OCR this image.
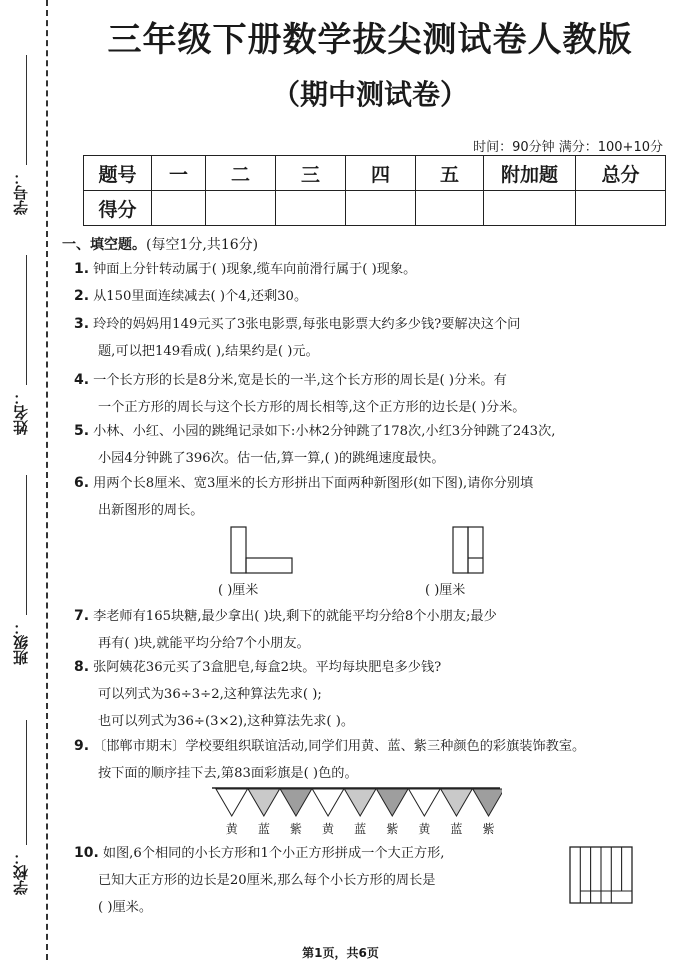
学号：
姓名：
班级：
学校：
三年级下册数学拔尖测试卷人教版
（期中测试卷）
时间：90分钟 满分：100+10分
题号	一	二	三	四	五	附加题	总分
得分							
一、填空题。(每空1分,共16分)
1. 钟面上分针转动属于( )现象,缆车向前滑行属于( )现象。
2. 从150里面连续减去( )个4,还剩30。
3. 玲玲的妈妈用149元买了3张电影票,每张电影票大约多少钱?要解决这个问
题,可以把149看成( ),结果约是( )元。
4. 一个长方形的长是8分米,宽是长的一半,这个长方形的周长是( )分米。有
一个正方形的周长与这个长方形的周长相等,这个正方形的边长是( )分米。
5. 小林、小红、小园的跳绳记录如下:小林2分钟跳了178次,小红3分钟跳了243次,
小园4分钟跳了396次。估一估,算一算,( )的跳绳速度最快。
6. 用两个长8厘米、宽3厘米的长方形拼出下面两种新图形(如下图),请你分别填
出新图形的周长。
( )厘米	( )厘米
7. 李老师有165块糖,最少拿出( )块,剩下的就能平均分给8个小朋友;最少
再有( )块,就能平均分给7个小朋友。
8. 张阿姨花36元买了3盒肥皂,每盒2块。平均每块肥皂多少钱?
可以列式为36÷3÷2,这种算法先求( );
也可以列式为36÷(3×2),这种算法先求( )。
9. 〔邯郸市期末〕学校要组织联谊活动,同学们用黄、蓝、紫三种颜色的彩旗装饰教室。
按下面的顺序挂下去,第83面彩旗是( )色的。
黄	蓝	紫	黄	蓝	紫	黄	蓝	紫
10. 如图,6个相同的小长方形和1个小正方形拼成一个大正方形,
已知大正方形的边长是20厘米,那么每个小长方形的周长是
( )厘米。
第1页，共6页
